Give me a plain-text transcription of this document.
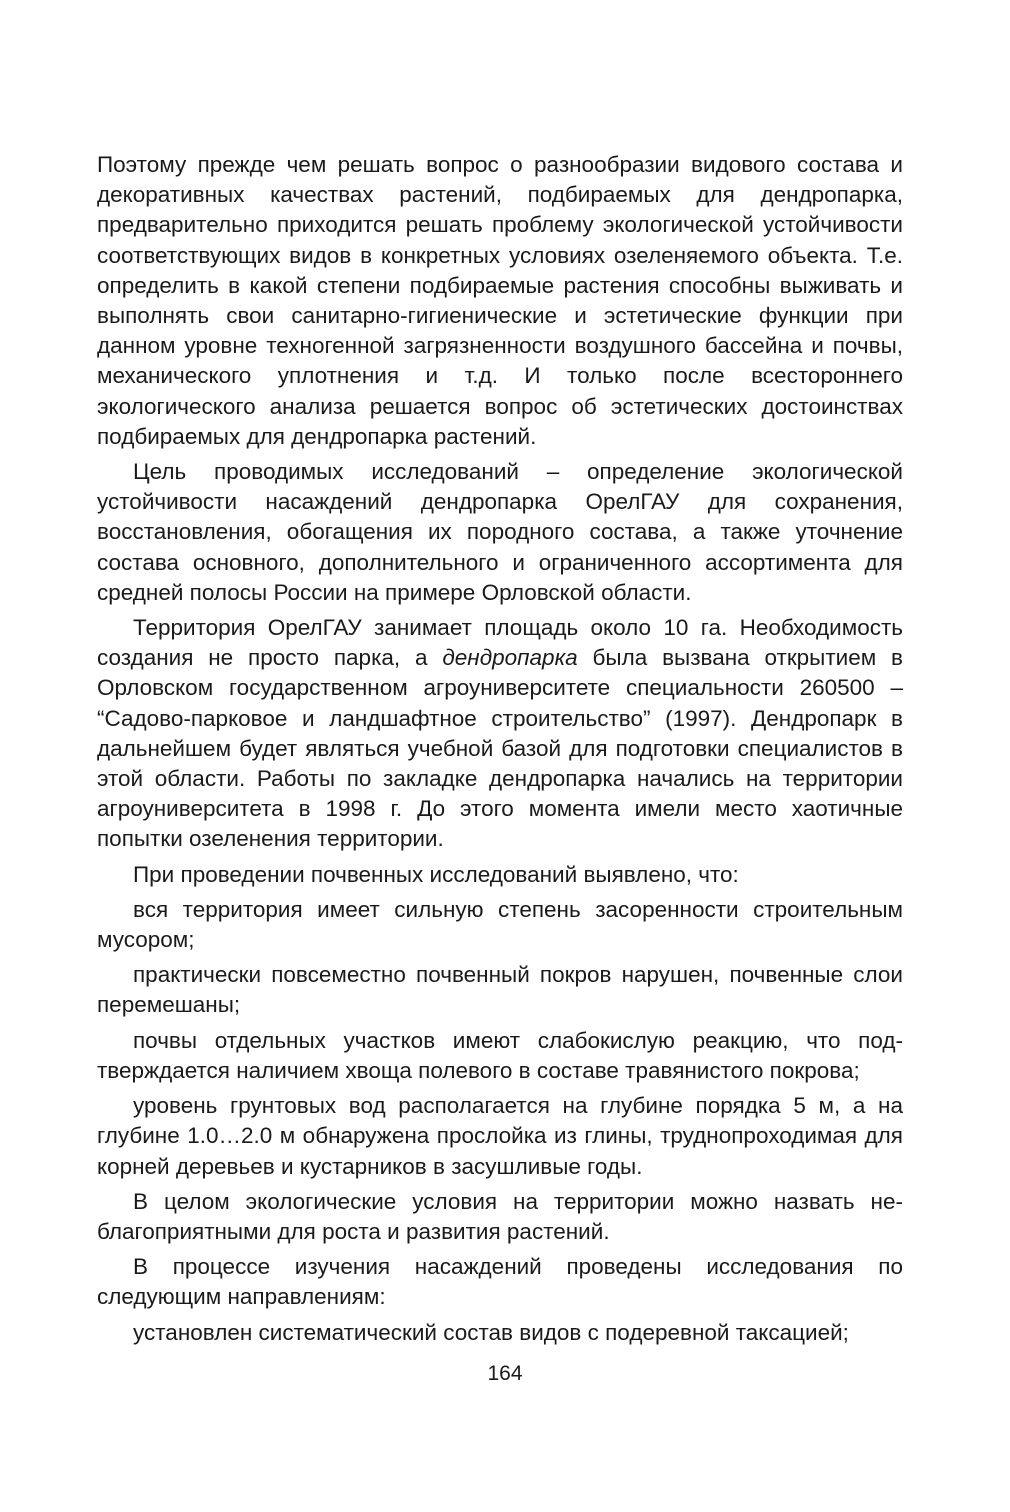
Поэтому прежде чем решать вопрос о разнообразии видового состава и декоративных качествах растений, подбираемых для дендропарка, предварительно приходится решать проблему экологической устойчивости соответствующих видов в конкретных условиях озеленяемого объекта. Т.е. определить в какой степени подбираемые растения способны выживать и выполнять свои санитарно-гигиенические и эстетические функции при данном уровне техногенной загрязненности воздушного бассейна и почвы, механического уплотнения и т.д. И только после всестороннего экологического анализа решается вопрос об эстетических достоинствах подбираемых для дендропарка растений.

Цель проводимых исследований – определение экологической устойчивости насаждений дендропарка ОрелГАУ для сохранения, восстановления, обогащения их породного состава, а также уточнение состава основного, дополнительного и ограниченного ассортимента для средней полосы России на примере Орловской области.

Территория ОрелГАУ занимает площадь около 10 га. Необходимость создания не просто парка, а дендропарка была вызвана открытием в Орловском государственном агроуниверситете специальности 260500 – “Садово-парковое и ландшафтное строительство” (1997). Дендропарк в дальнейшем будет являться учебной базой для подготовки специалистов в этой области. Работы по закладке дендропарка начались на территории агроуниверситета в 1998 г. До этого момента имели место хаотичные попытки озеленения территории.

При проведении почвенных исследований выявлено, что:

вся территория имеет сильную степень засоренности строительным мусором;

практически повсеместно почвенный покров нарушен, почвенные слои перемешаны;

почвы отдельных участков имеют слабокислую реакцию, что подтверждается наличием хвоща полевого в составе травянистого покрова;

уровень грунтовых вод располагается на глубине порядка 5 м, а на глубине 1.0…2.0 м обнаружена прослойка из глины, труднопроходимая для корней деревьев и кустарников в засушливые годы.

В целом экологические условия на территории можно назвать неблагоприятными для роста и развития растений.

В процессе изучения насаждений проведены исследования по следующим направлениям:

установлен систематический состав видов с подеревной таксацией;

164
